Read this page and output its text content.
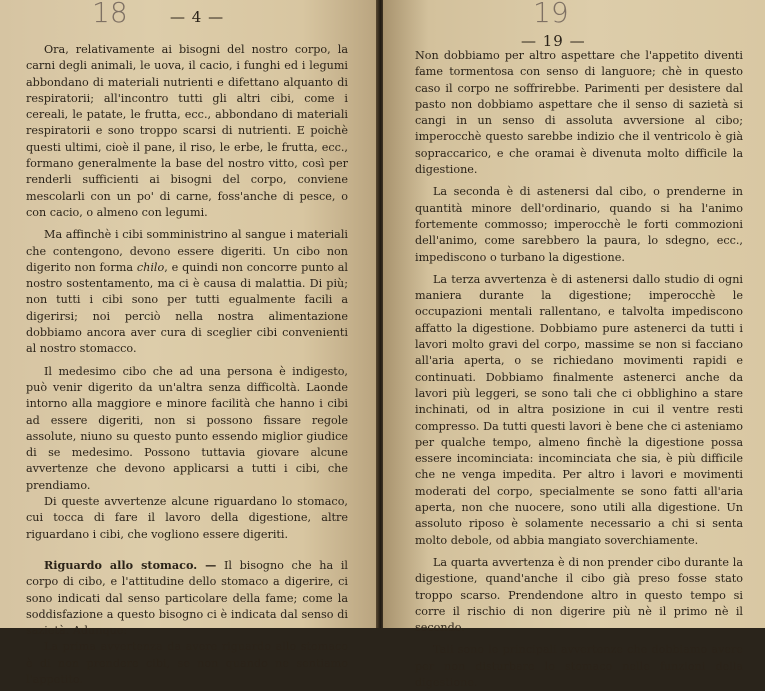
18	— 4 —

Ora, relativamente ai bisogni del nostro corpo, la carni degli animali, le uova, il cacio, i funghi ed i legumi abbondano di materiali nutrienti e difettano alquanto di respiratorii; all'incontro tutti gli altri cibi, come i cereali, le patate, le frutta, ecc., abbondano di materiali respiratorii e sono troppo scarsi di nutrienti. E poichè questi ultimi, cioè il pane, il riso, le erbe, le frutta, ecc., formano generalmente la base del nostro vitto, così per renderli sufficienti ai bisogni del corpo, conviene mescolarli con un po' di carne, foss'anche di pesce, o con cacio, o almeno con legumi.

Ma affinchè i cibi somministrino al sangue i materiali che contengono, devono essere digeriti. Un cibo non digerito non forma chilo, e quindi non concorre punto al nostro sostentamento, ma ci è causa di malattia. Di più; non tutti i cibi sono per tutti egualmente facili a digerirsi; noi perciò nella nostra alimentazione dobbiamo ancora aver cura di sceglier cibi convenienti al nostro stomacco.

Il medesimo cibo che ad una persona è indigesto, può venir digerito da un'altra senza difficoltà. Laonde intorno alla maggiore e minore facilità che hanno i cibi ad essere digeriti, non si possono fissare regole assolute, niuno su questo punto essendo miglior giudice di se medesimo. Possono tuttavia giovare alcune avvertenze che devono applicarsi a tutti i cibi, che prendiamo.

Di queste avvertenze alcune riguardano lo stomaco, cui tocca di fare il lavoro della digestione, altre riguardano i cibi, che vogliono essere digeriti.

Riguardo allo stomaco. — Il bisogno che ha il corpo di cibo, e l'attitudine dello stomaco a digerire, ci sono indicati dal senso particolare della fame; come la soddisfazione a questo bisogno ci è indicata dal senso di sazietà. Adunque:

La prima avvertenza da avere riguardo allo stomaco è di non prendere cibi, se non quando ne sentiamo l'appetito.

19
— 19 —

Non dobbiamo per altro aspettare che l'appetito diventi fame tormentosa con senso di languore; chè in questo caso il corpo ne soffrirebbe. Parimenti per desistere dal pasto non dobbiamo aspettare che il senso di sazietà si cangi in un senso di assoluta avversione al cibo; imperocchè questo sarebbe indizio che il ventricolo è già sopraccarico, e che oramai è divenuta molto difficile la digestione.

La seconda è di astenersi dal cibo, o prenderne in quantità minore dell'ordinario, quando si ha l'animo fortemente commosso; imperocchè le forti commozioni dell'animo, come sarebbero la paura, lo sdegno, ecc., impediscono o turbano la digestione.

La terza avvertenza è di astenersi dallo studio di ogni maniera durante la digestione; imperocchè le occupazioni mentali rallentano, e talvolta impediscono affatto la digestione. Dobbiamo pure astenerci da tutti i lavori molto gravi del corpo, massime se non si facciano all'aria aperta, o se richiedano movimenti rapidi e continuati. Dobbiamo finalmente astenerci anche da lavori più leggeri, se sono tali che ci obblighino a stare inchinati, od in altra posizione in cui il ventre resti compresso. Da tutti questi lavori è bene che ci asteniamo per qualche tempo, almeno finchè la digestione possa essere incominciata: incominciata che sia, è più difficile che ne venga impedita. Per altro i lavori e movimenti moderati del corpo, specialmente se sono fatti all'aria aperta, non che nuocere, sono utili alla digestione. Un assoluto riposo è solamente necessario a chi si senta molto debole, od abbia mangiato soverchiamente.

La quarta avvertenza è di non prender cibo durante la digestione, quand'anche il cibo già preso fosse stato troppo scarso. Prendendone altro in questo tempo si corre il rischio di non digerire più nè il primo nè il secondo.

Tali sono le principali avvertenze che dobbiamo avere per non disturbare lo stomaco nelle funzioni della digestione.
